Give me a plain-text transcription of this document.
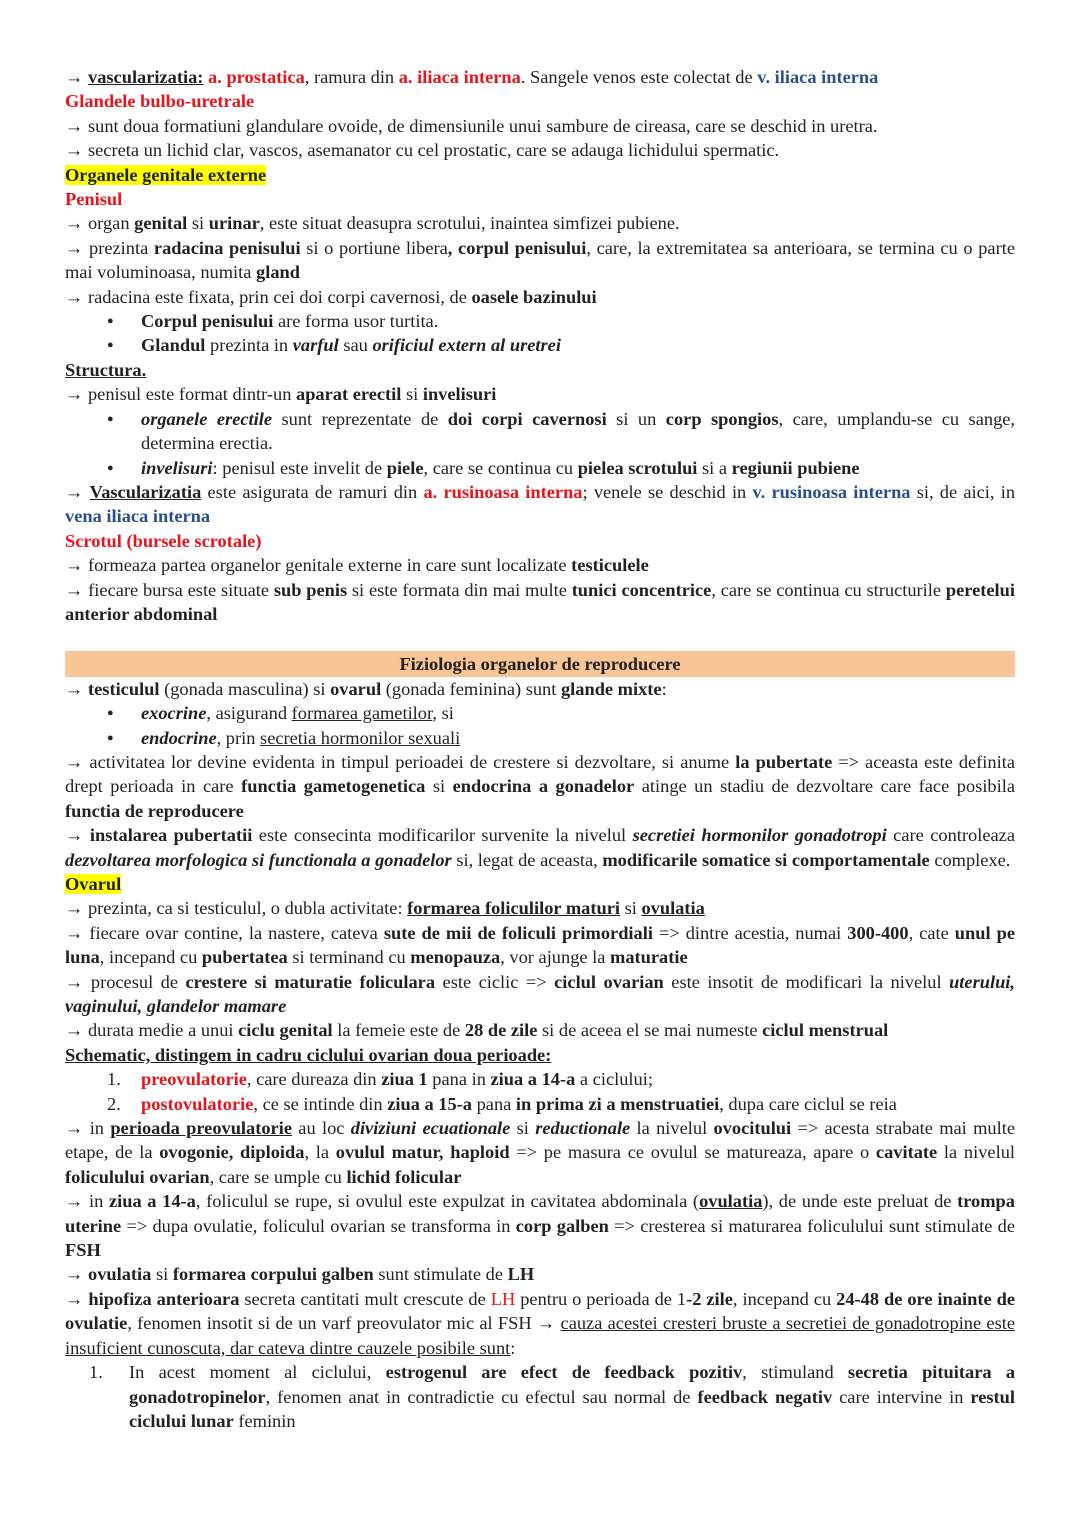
→ vascularizatia: a. prostatica, ramura din a. iliaca interna. Sangele venos este colectat de v. iliaca interna

Glandele bulbo-uretrale

→ sunt doua formatiuni glandulare ovoide, de dimensiunile unui sambure de cireasa, care se deschid in uretra.

→ secreta un lichid clar, vascos, asemanator cu cel prostatic, care se adauga lichidului spermatic.

Organele genitale externe

Penisul

→ organ genital si urinar, este situat deasupra scrotului, inaintea simfizei pubiene.

→ prezinta radacina penisului si o portiune libera, corpul penisului, care, la extremitatea sa anterioara, se termina cu o parte mai voluminoasa, numita gland

→ radacina este fixata, prin cei doi corpi cavernosi, de oasele bazinului

● Corpul penisului are forma usor turtita.
● Glandul prezinta in varful sau orificiul extern al uretrei

Structura.

→ penisul este format dintr-un aparat erectil si invelisuri

● organele erectile sunt reprezentate de doi corpi cavernosi si un corp spongios, care, umplandu-se cu sange, determina erectia.
● invelisuri: penisul este invelit de piele, care se continua cu pielea scrotului si a regiunii pubiene

→ Vascularizatia este asigurata de ramuri din a. rusinoasa interna; venele se deschid in v. rusinoasa interna si, de aici, in vena iliaca interna

Scrotul (bursele scrotale)

→ formeaza partea organelor genitale externe in care sunt localizate testiculele

→ fiecare bursa este situate sub penis si este formata din mai multe tunici concentrice, care se continua cu structurile peretelui anterior abdominal

Fiziologia organelor de reproducere

→ testiculul (gonada masculina) si ovarul (gonada feminina) sunt glande mixte:

● exocrine, asigurand formarea gametilor, si
● endocrine, prin secretia hormonilor sexuali

→ activitatea lor devine evidenta in timpul perioadei de crestere si dezvoltare, si anume la pubertate => aceasta este definita drept perioada in care functia gametogenetica si endocrina a gonadelor atinge un stadiu de dezvoltare care face posibila functia de reproducere

→ instalarea pubertatii este consecinta modificarilor survenite la nivelul secretiei hormonilor gonadotropi care controleaza dezvoltarea morfologica si functionala a gonadelor si, legat de aceasta, modificarile somatice si comportamentale complexe.

Ovarul

→ prezinta, ca si testiculul, o dubla activitate: formarea foliculilor maturi si ovulatia

→ fiecare ovar contine, la nastere, cateva sute de mii de foliculi primordiali => dintre acestia, numai 300-400, cate unul pe luna, incepand cu pubertatea si terminand cu menopauza, vor ajunge la maturatie

→ procesul de crestere si maturatie foliculara este ciclic => ciclul ovarian este insotit de modificari la nivelul uterului, vaginului, glandelor mamare

→ durata medie a unui ciclu genital la femeie este de 28 de zile si de aceea el se mai numeste ciclul menstrual

Schematic, distingem in cadru ciclului ovarian doua perioade:

1. preovulatorie, care dureaza din ziua 1 pana in ziua a 14-a a ciclului;
2. postovulatorie, ce se intinde din ziua a 15-a pana in prima zi a menstruatiei, dupa care ciclul se reia

→ in perioada preovulatorie au loc diviziuni ecuationale si reductionale la nivelul ovocitului => acesta strabate mai multe etape, de la ovogonie, diploida, la ovulul matur, haploid => pe masura ce ovulul se matureaza, apare o cavitate la nivelul foliculului ovarian, care se umple cu lichid folicular

→ in ziua a 14-a, foliculul se rupe, si ovulul este expulzat in cavitatea abdominala (ovulatia), de unde este preluat de trompa uterine => dupa ovulatie, foliculul ovarian se transforma in corp galben => cresterea si maturarea foliculului sunt stimulate de FSH

→ ovulatia si formarea corpului galben sunt stimulate de LH

→ hipofiza anterioara secreta cantitati mult crescute de LH pentru o perioada de 1-2 zile, incepand cu 24-48 de ore inainte de ovulatie, fenomen insotit si de un varf preovulator mic al FSH → cauza acestei cresteri bruste a secretiei de gonadotropine este insuficient cunoscuta, dar cateva dintre cauzele posibile sunt:

1. In acest moment al ciclului, estrogenul are efect de feedback pozitiv, stimuland secretia pituitara a gonadotropinelor, fenomen anat in contradictie cu efectul sau normal de feedback negativ care intervine in restul ciclului lunar feminin
